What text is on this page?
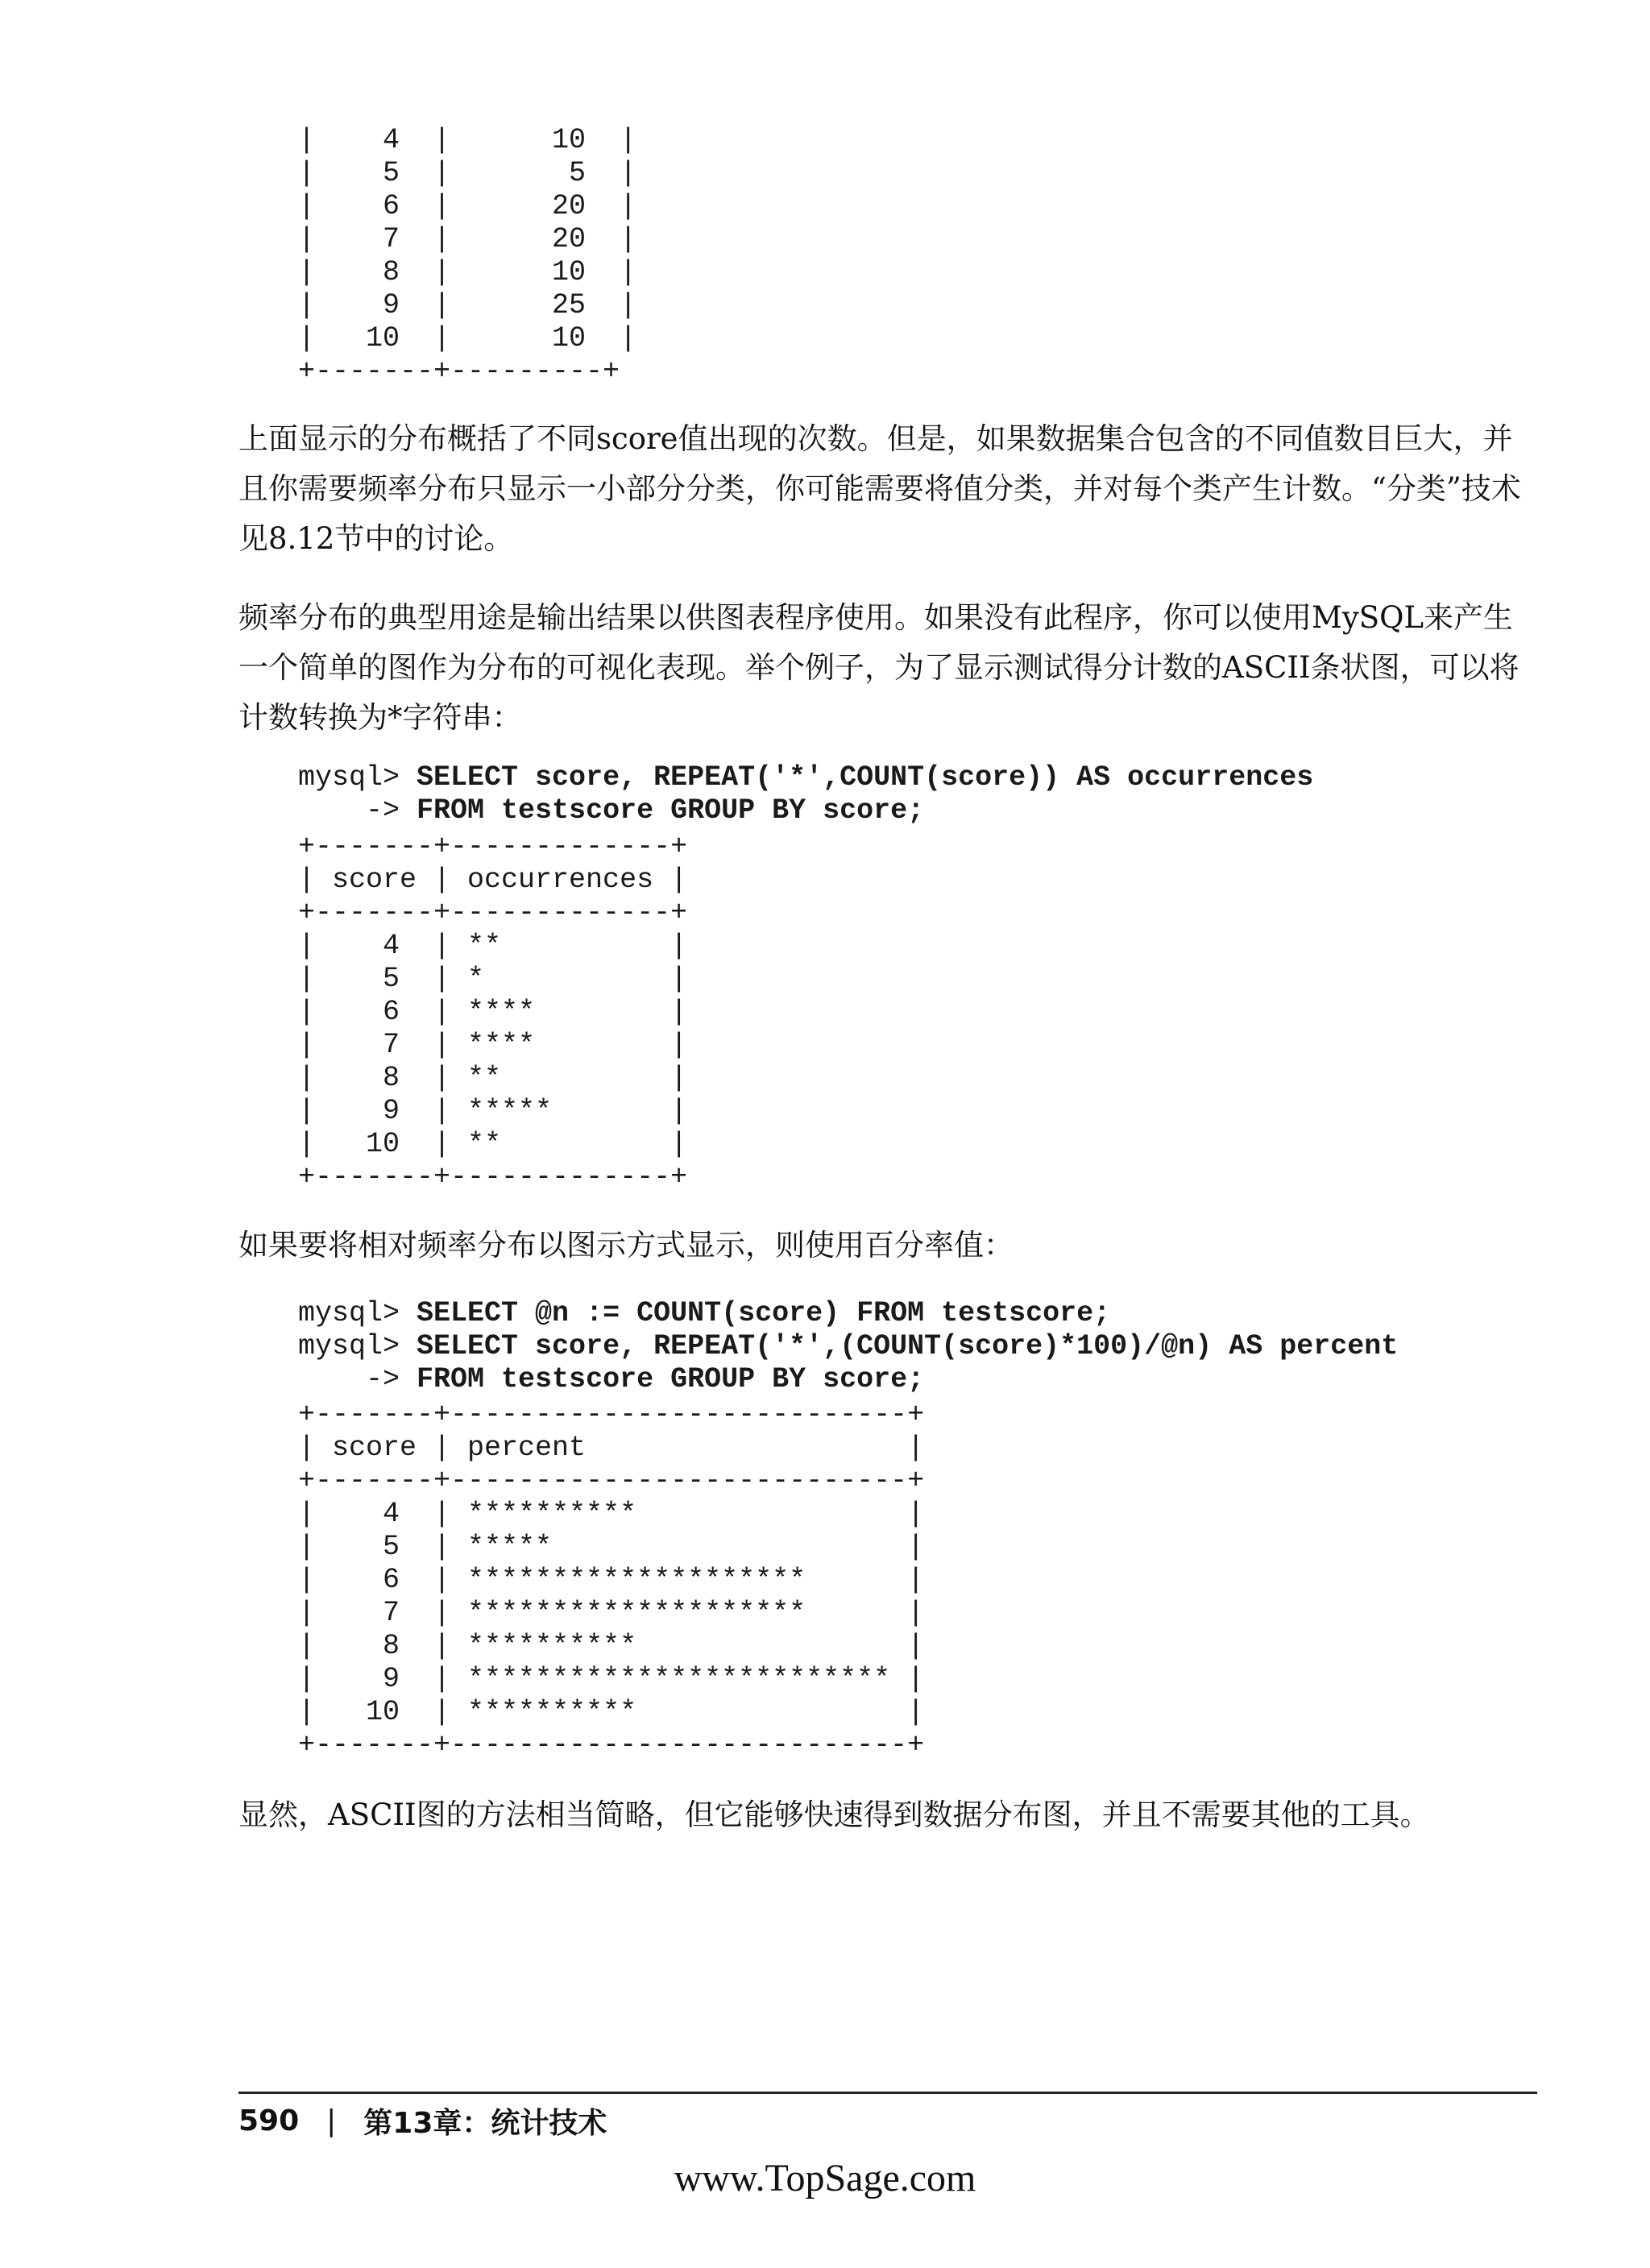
|    4  |      10  |
|    5  |       5  |
|    6  |      20  |
|    7  |      20  |
|    8  |      10  |
|    9  |      25  |
|   10  |      10  |
+-------+---------+

上面显示的分布概括了不同score值出现的次数。但是，如果数据集合包含的不同值数目巨大，并且你需要频率分布只显示一小部分分类，你可能需要将值分类，并对每个类产生计数。“分类”技术见8.12节中的讨论。

频率分布的典型用途是输出结果以供图表程序使用。如果没有此程序，你可以使用MySQL来产生一个简单的图作为分布的可视化表现。举个例子，为了显示测试得分计数的ASCII条状图，可以将计数转换为*字符串：

mysql> SELECT score, REPEAT('*',COUNT(score)) AS occurrences
-> FROM testscore GROUP BY score;
+-------+-------------+
| score | occurrences |
+-------+-------------+
|    4  | **          |
|    5  | *           |
|    6  | ****        |
|    7  | ****        |
|    8  | **          |
|    9  | *****       |
|   10  | **          |
+-------+-------------+

如果要将相对频率分布以图示方式显示，则使用百分率值：

mysql> SELECT @n := COUNT(score) FROM testscore;
mysql> SELECT score, REPEAT('*',(COUNT(score)*100)/@n) AS percent
-> FROM testscore GROUP BY score;
+-------+---------------------------+
| score | percent                   |
+-------+---------------------------+
|    4  | **********                |
|    5  | *****                     |
|    6  | ********************      |
|    7  | ********************      |
|    8  | **********                |
|    9  | ************************* |
|   10  | **********                |
+-------+---------------------------+

显然，ASCII图的方法相当简略，但它能够快速得到数据分布图，并且不需要其他的工具。

590 | 第13章：统计技术
www.TopSage.com
